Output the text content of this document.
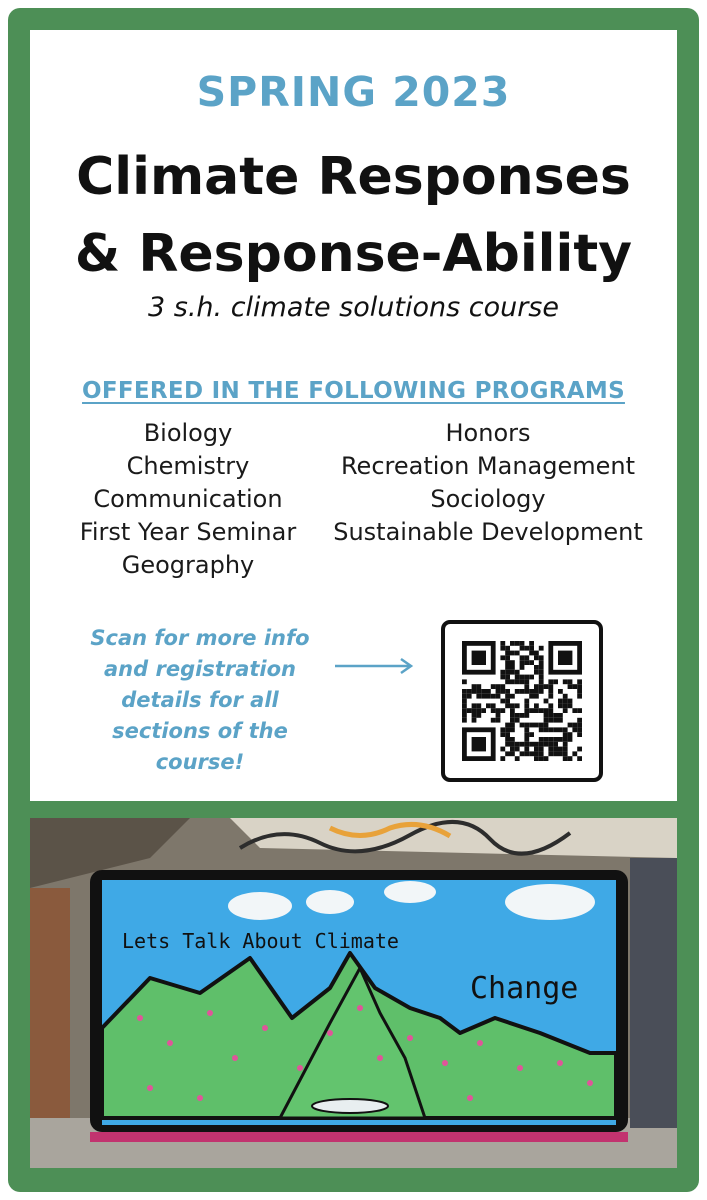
SPRING 2023
Climate Responses
& Response-Ability
3 s.h. climate solutions course
OFFERED IN THE FOLLOWING PROGRAMS
Biology
Chemistry
Communication
First Year Seminar
Geography
Honors
Recreation Management
Sociology
Sustainable Development
Scan for more info
and registration
details for all
sections of the
course!
Lets Talk About Climate
Change
